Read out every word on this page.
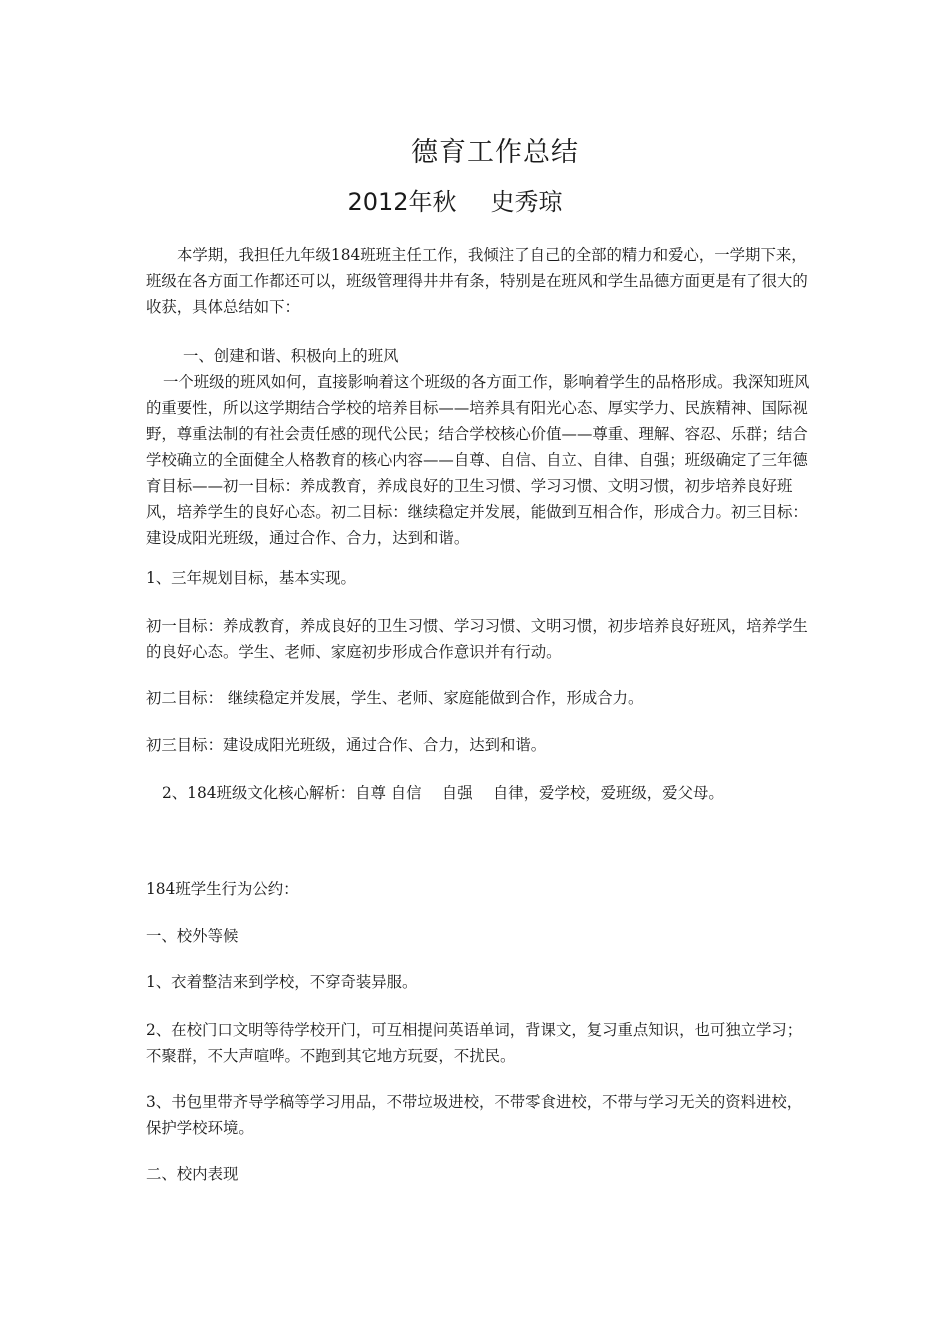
德育工作总结
2012年秋 史秀琼

本学期，我担任九年级184班班主任工作，我倾注了自己的全部的精力和爱心，一学期下来，班级在各方面工作都还可以，班级管理得井井有条，特别是在班风和学生品德方面更是有了很大的收获，具体总结如下：

一、创建和谐、积极向上的班风

一个班级的班风如何，直接影响着这个班级的各方面工作，影响着学生的品格形成。我深知班风的重要性，所以这学期结合学校的培养目标——培养具有阳光心态、厚实学力、民族精神、国际视野，尊重法制的有社会责任感的现代公民；结合学校核心价值——尊重、理解、容忍、乐群；结合学校确立的全面健全人格教育的核心内容——自尊、自信、自立、自律、自强；班级确定了三年德育目标——初一目标：养成教育，养成良好的卫生习惯、学习习惯、文明习惯，初步培养良好班风，培养学生的良好心态。初二目标：继续稳定并发展，能做到互相合作，形成合力。初三目标：建设成阳光班级，通过合作、合力，达到和谐。

1、三年规划目标，基本实现。

初一目标：养成教育，养成良好的卫生习惯、学习习惯、文明习惯，初步培养良好班风，培养学生的良好心态。学生、老师、家庭初步形成合作意识并有行动。

初二目标： 继续稳定并发展，学生、老师、家庭能做到合作，形成合力。

初三目标：建设成阳光班级，通过合作、合力，达到和谐。

2、184班级文化核心解析：自尊 自信　 自强　 自律，爱学校，爱班级，爱父母。

184班学生行为公约：

一、校外等候

1、衣着整洁来到学校，不穿奇装异服。

2、在校门口文明等待学校开门，可互相提问英语单词，背课文，复习重点知识，也可独立学习；不聚群，不大声喧哗。不跑到其它地方玩耍，不扰民。

3、书包里带齐导学稿等学习用品，不带垃圾进校，不带零食进校，不带与学习无关的资料进校，保护学校环境。

二、校内表现
